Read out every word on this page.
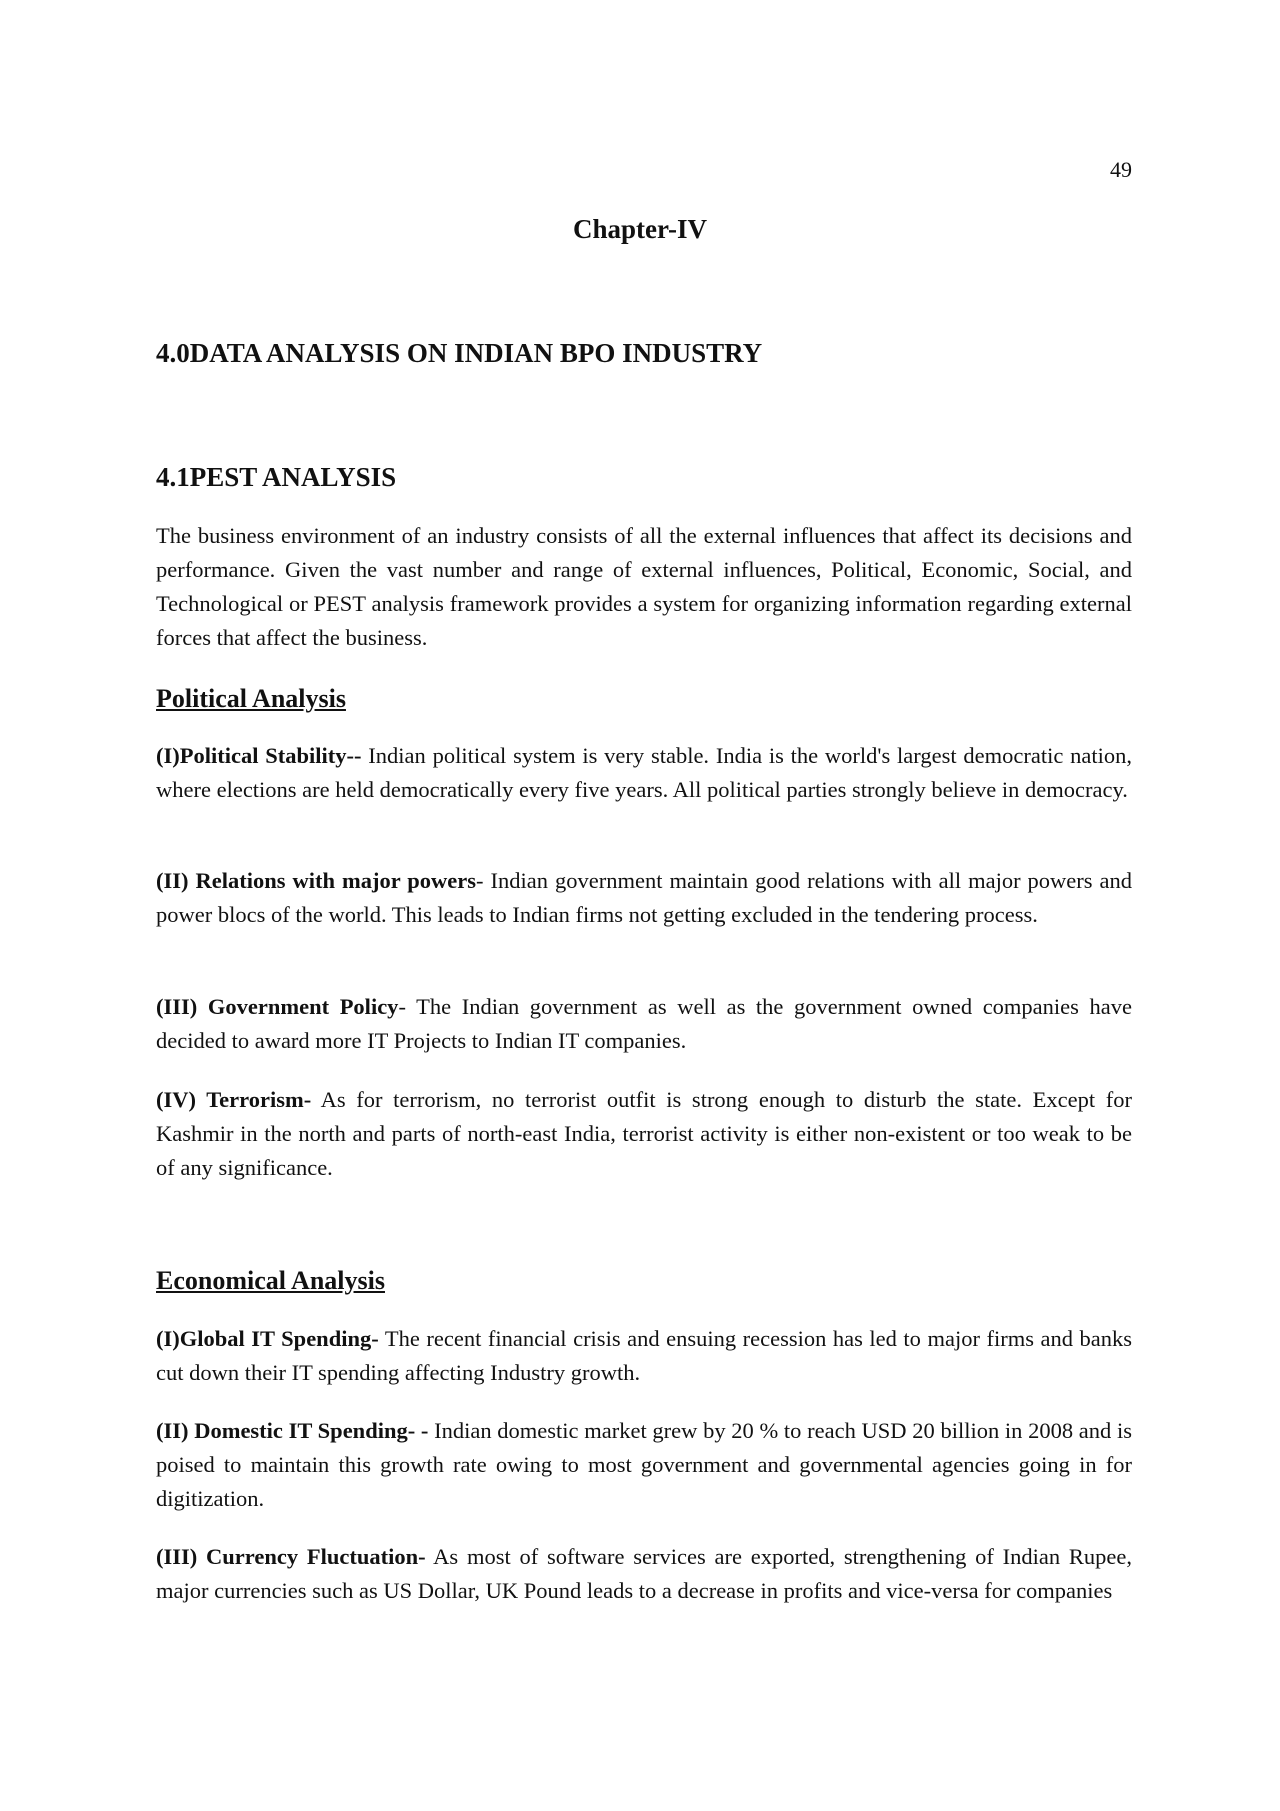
49
Chapter-IV
4.0DATA ANALYSIS ON INDIAN BPO INDUSTRY
4.1PEST ANALYSIS

The business environment of an industry consists of all the external influences that affect its decisions and performance. Given the vast number and range of external influences, Political, Economic, Social, and Technological or PEST analysis framework provides a system for organizing information regarding external forces that affect the business.

Political Analysis

(I)Political Stability-- Indian political system is very stable. India is the world's largest democratic nation, where elections are held democratically every five years. All political parties strongly believe in democracy.

(II) Relations with major powers- Indian government maintain good relations with all major powers and power blocs of the world. This leads to Indian firms not getting excluded in the tendering process.

(III) Government Policy- The Indian government as well as the government owned companies have decided to award more IT Projects to Indian IT companies.

(IV) Terrorism- As for terrorism, no terrorist outfit is strong enough to disturb the state. Except for Kashmir in the north and parts of north-east India, terrorist activity is either non-existent or too weak to be of any significance.

Economical Analysis

(I)Global IT Spending- The recent financial crisis and ensuing recession has led to major firms and banks cut down their IT spending affecting Industry growth.

(II) Domestic IT Spending- - Indian domestic market grew by 20 % to reach USD 20 billion in 2008 and is poised to maintain this growth rate owing to most government and governmental agencies going in for digitization.

(III) Currency Fluctuation- As most of software services are exported, strengthening of Indian Rupee, major currencies such as US Dollar, UK Pound leads to a decrease in profits and vice-versa for companies
